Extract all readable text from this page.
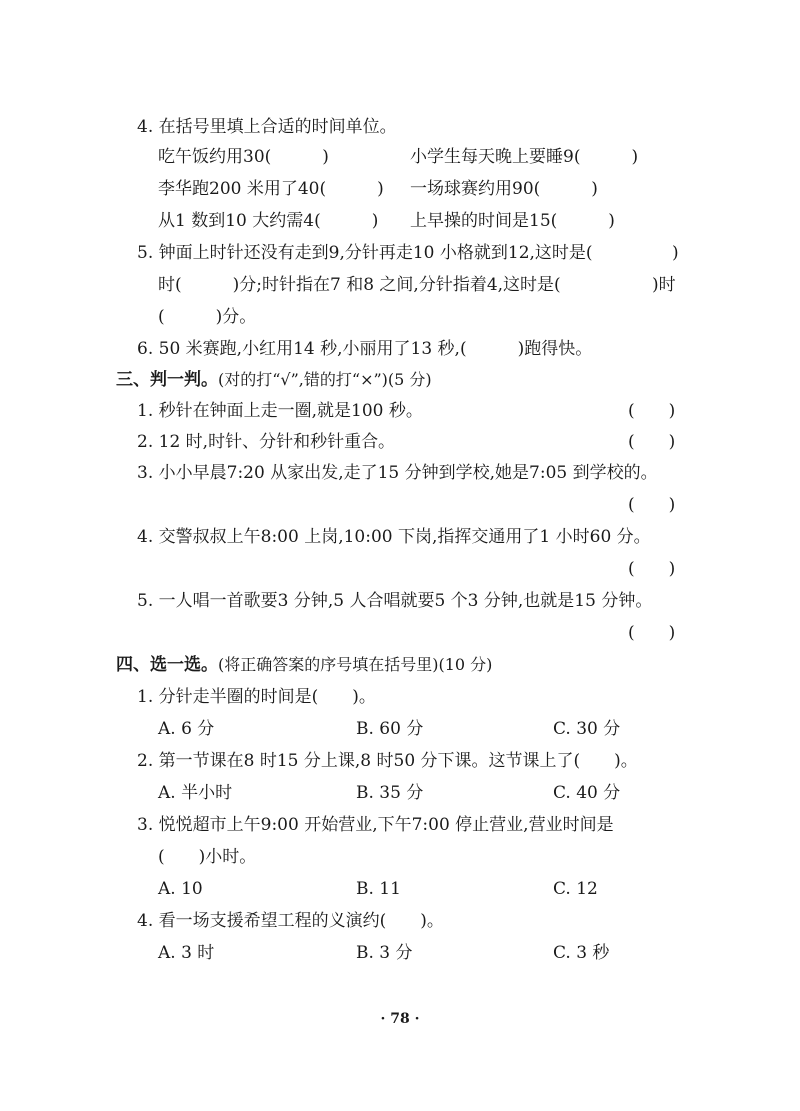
4. 在括号里填上合适的时间单位。
吃午饭约用30(　　　)	小学生每天晚上要睡9(　　　)
李华跑200 米用了40(　　　) 一场球赛约用90(　　　)
从1 数到10 大约需4(　　　) 上早操的时间是15(　　　)
5. 钟面上时针还没有走到9,分针再走10 小格就到12,这时是(	)
时(　　　)分;时针指在7 和8 之间,分针指着4,这时是(	)时
(　　　)分。
6. 50 米赛跑,小红用14 秒,小丽用了13 秒,(　　　)跑得快。
三、判一判。(对的打“√”,错的打“×”)(5 分)
1. 秒针在钟面上走一圈,就是100 秒。	(　　)
2. 12 时,时针、分针和秒针重合。	(　　)
3. 小小早晨7:20 从家出发,走了15 分钟到学校,她是7:05 到学校的。
(　　)
4. 交警叔叔上午8:00 上岗,10:00 下岗,指挥交通用了1 小时60 分。
(　　)
5. 一人唱一首歌要3 分钟,5 人合唱就要5 个3 分钟,也就是15 分钟。
(　　)
四、选一选。(将正确答案的序号填在括号里)(10 分)
1. 分针走半圈的时间是(　　)。
A. 6 分	B. 60 分	C. 30 分
2. 第一节课在8 时15 分上课,8 时50 分下课。这节课上了(　　)。
A. 半小时	B. 35 分	C. 40 分
3. 悦悦超市上午9:00 开始营业,下午7:00 停止营业,营业时间是
(　　)小时。
A. 10	B. 11	C. 12
4. 看一场支援希望工程的义演约(　　)。
A. 3 时	B. 3 分	C. 3 秒
· 78 ·
